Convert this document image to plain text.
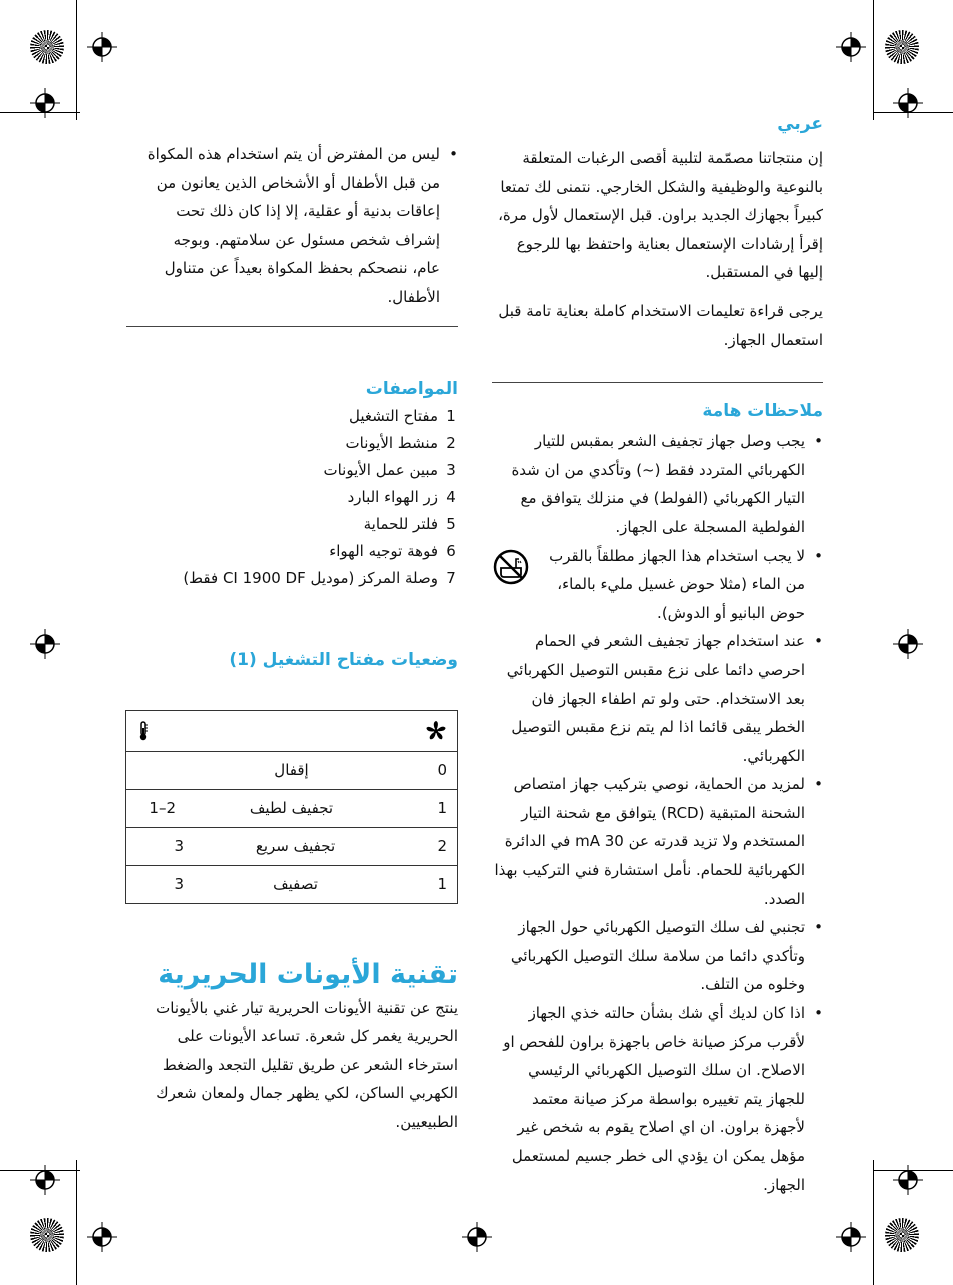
عربي

إن منتجاتنا مصمّمة لتلبية أقصى الرغبات المتعلقة بالنوعية والوظيفية والشكل الخارجي. نتمنى لك تمتعا كبيراً بجهازك الجديد براون. قبل الإستعمال لأول مرة، إقرأ إرشادات الإستعمال بعناية واحتفظ بها للرجوع إليها في المستقبل.

يرجى قراءة تعليمات الاستخدام كاملة بعناية تامة قبل استعمال الجهاز.

ملاحظات هامة
•
يجب وصل جهاز تجفيف الشعر بمقبس للتيار الكهربائي المتردد فقط (~) وتأكدي من ان شدة التيار الكهربائي (الفولط) في منزلك يتوافق مع الفولطية المسجلة على الجهاز.
•
لا يجب استخدام هذا الجهاز مطلقاً بالقرب من الماء (مثلا حوض غسيل مليء بالماء، حوض البانيو أو الدوش).
•
عند استخدام جهاز تجفيف الشعر في الحمام احرصي دائما على نزع مقبس التوصيل الكهربائي بعد الاستخدام. حتى ولو تم اطفاء الجهاز فان الخطر يبقى قائما اذا لم يتم نزع مقبس التوصيل الكهربائي.
•
لمزيد من الحماية، نوصي بتركيب جهاز امتصاص الشحنة المتبقية (RCD) يتوافق مع شحنة التيار المستخدم ولا تزيد قدرته عن 30 mA في الدائرة الكهربائية للحمام. نأمل استشارة فني التركيب بهذا الصدد.
•
تجنبي لف سلك التوصيل الكهربائي حول الجهاز وتأكدي دائما من سلامة سلك التوصيل الكهربائي وخلوه من التلف.
•
اذا كان لديك أي شك بشأن حالته خذي الجهاز لأقرب مركز صيانة خاص باجهزة براون للفحص او الاصلاح. ان سلك التوصيل الكهربائي الرئيسي للجهاز يتم تغييره بواسطة مركز صيانة معتمد لأجهزة براون. ان اي اصلاح يقوم به شخص غير مؤهل يمكن ان يؤدي الى خطر جسيم لمستعمل الجهاز.
•
ليس من المفترض أن يتم استخدام هذه المكواة من قبل الأطفال أو الأشخاص الذين يعانون من إعاقات بدنية أو عقلية، إلا إذا كان ذلك تحت إشراف شخص مسئول عن سلامتهم. وبوجه عام، ننصحكم بحفظ المكواة بعيداً عن متناول الأطفال.
المواصفات
1
مفتاح التشغيل
2
منشط الأيونات
3
مبين عمل الأيونات
4
زر الهواء البارد
5
فلتر للحماية
6
فوهة توجيه الهواء
7
وصلة المركز (موديل CI 1900 DF فقط)
وضعيات مفتاح التشغيل (1)

إقفال	0

1–2	تجفيف لطيف	1

3	تجفيف سريع	2

3	تصفيف	1
تقنية الأيونات الحريرية

ينتج عن تقنية الأيونات الحريرية تيار غني بالأيونات الحريرية يغمر كل شعرة. تساعد الأيونات على استرخاء الشعر عن طريق تقليل التجعد والضغط الكهربي الساكن، لكي يظهر جمال ولمعان شعرك الطبيعيين.
